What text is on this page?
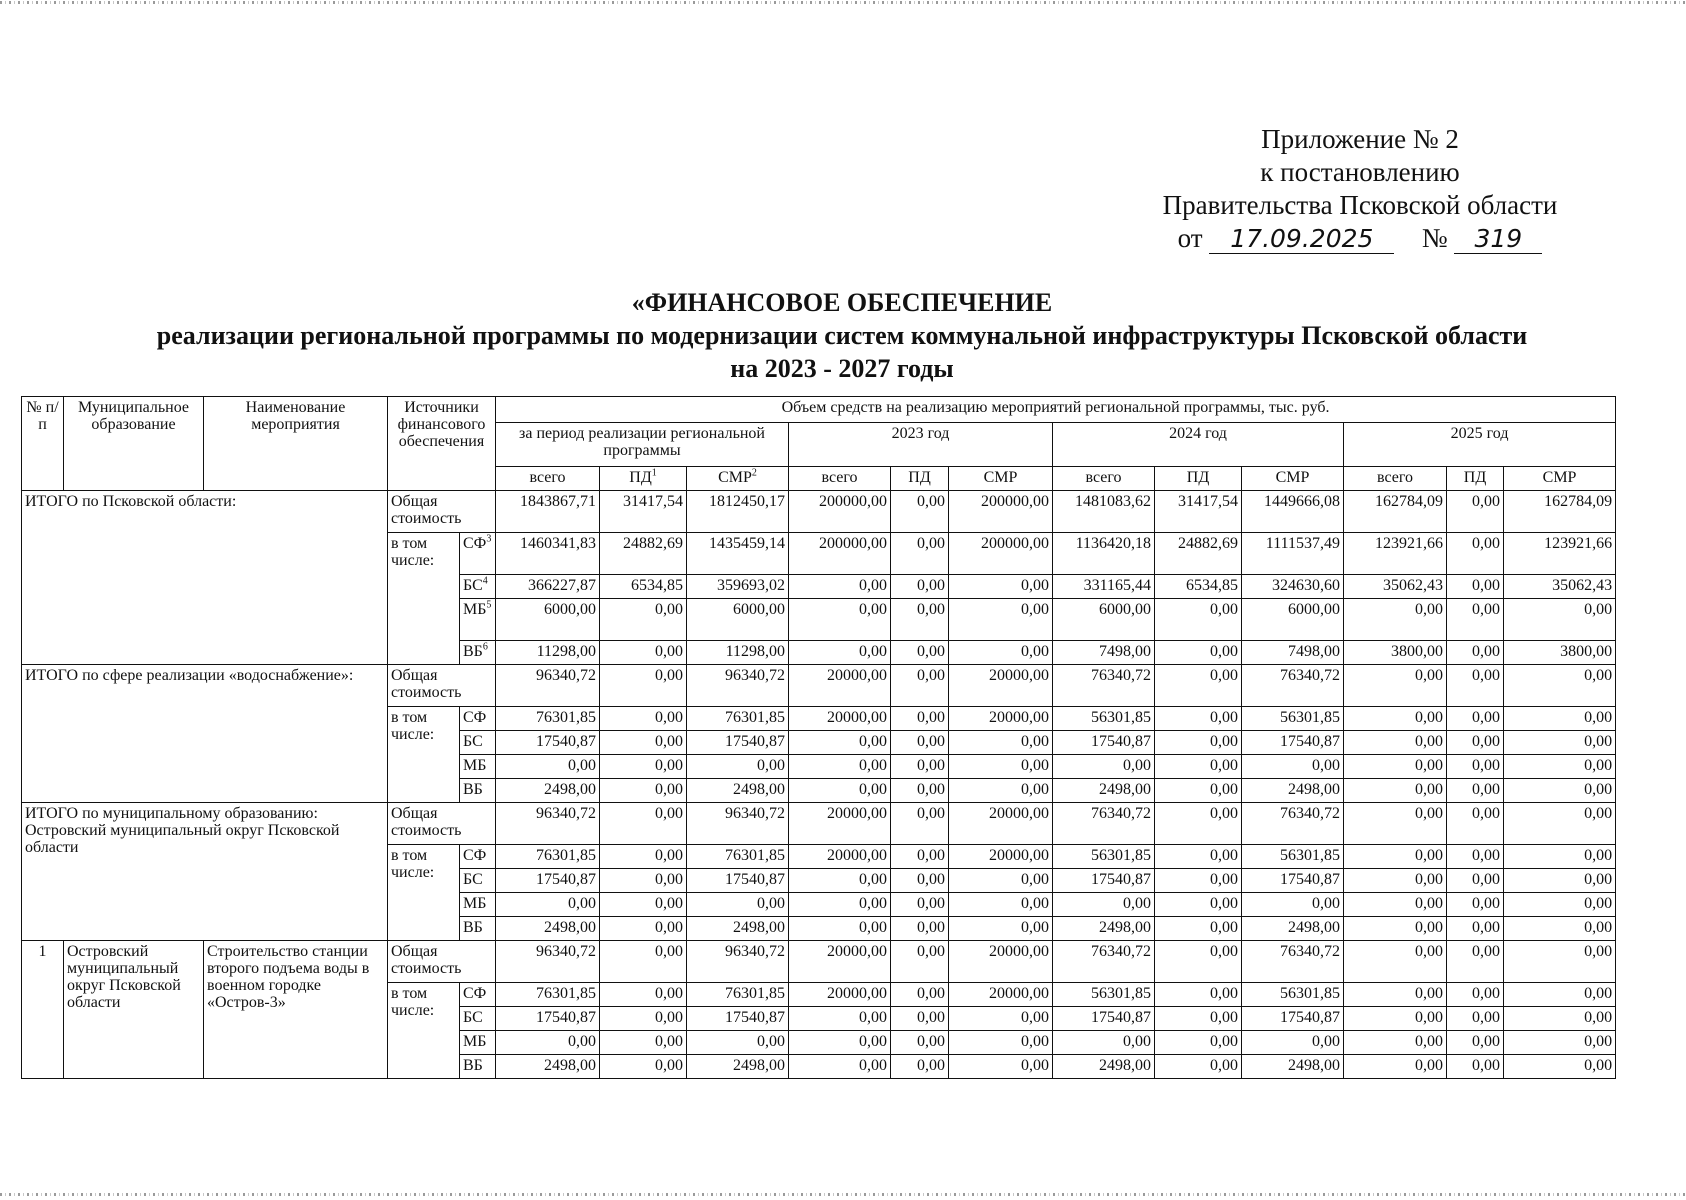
Приложение № 2
к постановлению
Правительства Псковской области
от 17.09.2025 № 319
«ФИНАНСОВОЕ ОБЕСПЕЧЕНИЕ
реализации региональной программы по модернизации систем коммунальной инфраструктуры Псковской области
на 2023 - 2027 годы
№ п/п	Муниципальное образование	Наименование мероприятия	Источники финансового обеспечения		Объем средств на реализацию мероприятий региональной программы, тыс. руб.											
					за период реализации региональной программы			2023 год			2024 год			2025 год		
					всего	ПД$^1$	СМР$^2$	всего	ПД	СМР	всего	ПД	СМР	всего	ПД	СМР
ИТОГО по Псковской области:			Общая стоимость		1843867,71	31417,54	1812450,17	200000,00	0,00	200000,00	1481083,62	31417,54	1449666,08	162784,09	0,00	162784,09
			в том числе:	СФ$^3$	1460341,83	24882,69	1435459,14	200000,00	0,00	200000,00	1136420,18	24882,69	1111537,49	123921,66	0,00	123921,66
				БС$^4$	366227,87	6534,85	359693,02	0,00	0,00	0,00	331165,44	6534,85	324630,60	35062,43	0,00	35062,43
				МБ$^5$	6000,00	0,00	6000,00	0,00	0,00	0,00	6000,00	0,00	6000,00	0,00	0,00	0,00
				ВБ$^6$	11298,00	0,00	11298,00	0,00	0,00	0,00	7498,00	0,00	7498,00	3800,00	0,00	3800,00
ИТОГО по сфере реализации «водоснабжение»:			Общая стоимость		96340,72	0,00	96340,72	20000,00	0,00	20000,00	76340,72	0,00	76340,72	0,00	0,00	0,00
			в том числе:	СФ	76301,85	0,00	76301,85	20000,00	0,00	20000,00	56301,85	0,00	56301,85	0,00	0,00	0,00
				БС	17540,87	0,00	17540,87	0,00	0,00	0,00	17540,87	0,00	17540,87	0,00	0,00	0,00
				МБ	0,00	0,00	0,00	0,00	0,00	0,00	0,00	0,00	0,00	0,00	0,00	0,00
				ВБ	2498,00	0,00	2498,00	0,00	0,00	0,00	2498,00	0,00	2498,00	0,00	0,00	0,00
ИТОГО по муниципальному образованию: Островский муниципальный округ Псковской области			Общая стоимость		96340,72	0,00	96340,72	20000,00	0,00	20000,00	76340,72	0,00	76340,72	0,00	0,00	0,00
			в том числе:	СФ	76301,85	0,00	76301,85	20000,00	0,00	20000,00	56301,85	0,00	56301,85	0,00	0,00	0,00
				БС	17540,87	0,00	17540,87	0,00	0,00	0,00	17540,87	0,00	17540,87	0,00	0,00	0,00
				МБ	0,00	0,00	0,00	0,00	0,00	0,00	0,00	0,00	0,00	0,00	0,00	0,00
				ВБ	2498,00	0,00	2498,00	0,00	0,00	0,00	2498,00	0,00	2498,00	0,00	0,00	0,00
1	Островский муниципальный округ Псковской области	Строительство станции второго подъема воды в военном городке «Остров-3»	Общая стоимость		96340,72	0,00	96340,72	20000,00	0,00	20000,00	76340,72	0,00	76340,72	0,00	0,00	0,00
			в том числе:	СФ	76301,85	0,00	76301,85	20000,00	0,00	20000,00	56301,85	0,00	56301,85	0,00	0,00	0,00
				БС	17540,87	0,00	17540,87	0,00	0,00	0,00	17540,87	0,00	17540,87	0,00	0,00	0,00
				МБ	0,00	0,00	0,00	0,00	0,00	0,00	0,00	0,00	0,00	0,00	0,00	0,00
				ВБ	2498,00	0,00	2498,00	0,00	0,00	0,00	2498,00	0,00	2498,00	0,00	0,00	0,00
